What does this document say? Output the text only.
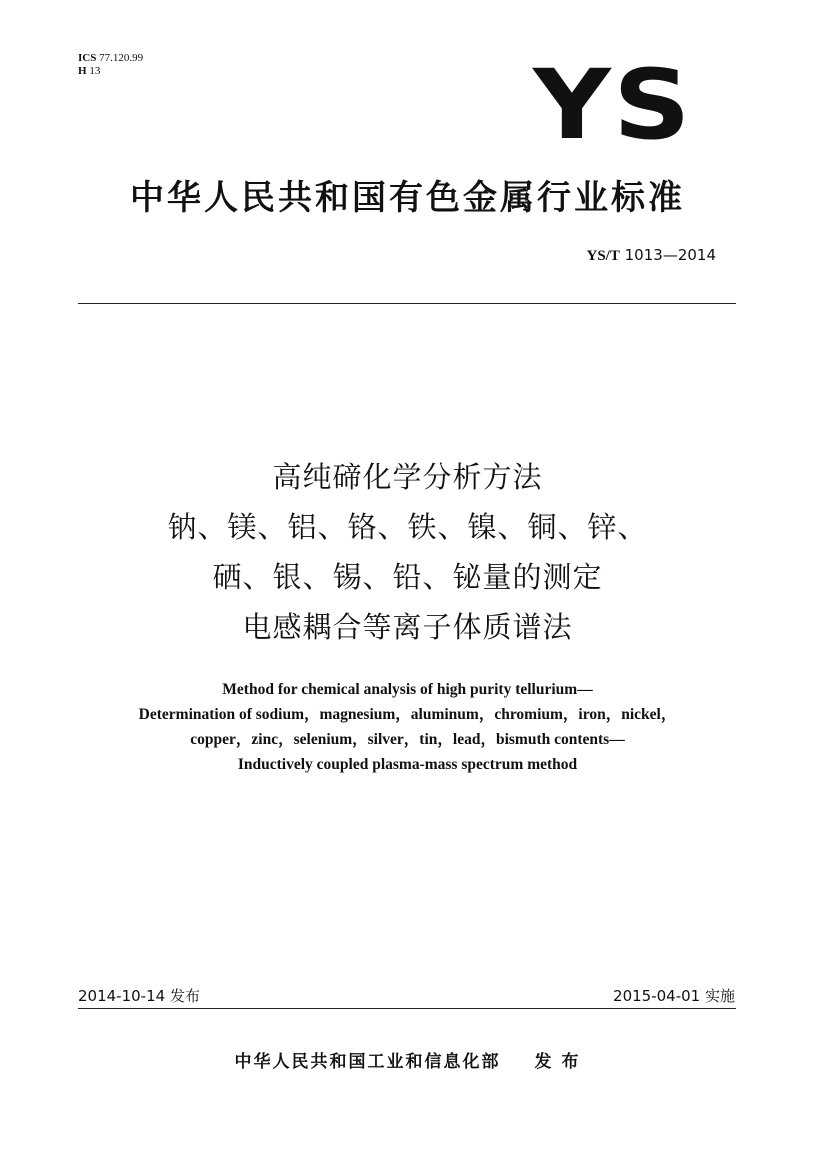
ICS 77.120.99
H 13	YS
中华人民共和国有色金属行业标准
YS/T 1013—2014
高纯碲化学分析方法
钠、镁、铝、铬、铁、镍、铜、锌、
硒、银、锡、铅、铋量的测定
电感耦合等离子体质谱法
Method for chemical analysis of high purity tellurium—
Determination of sodium，magnesium，aluminum，chromium，iron，nickel，
copper，zinc，selenium，silver，tin，lead，bismuth contents—
Inductively coupled plasma-mass spectrum method
2014-10-14 发布	2015-04-01 实施
中华人民共和国工业和信息化部 发 布
